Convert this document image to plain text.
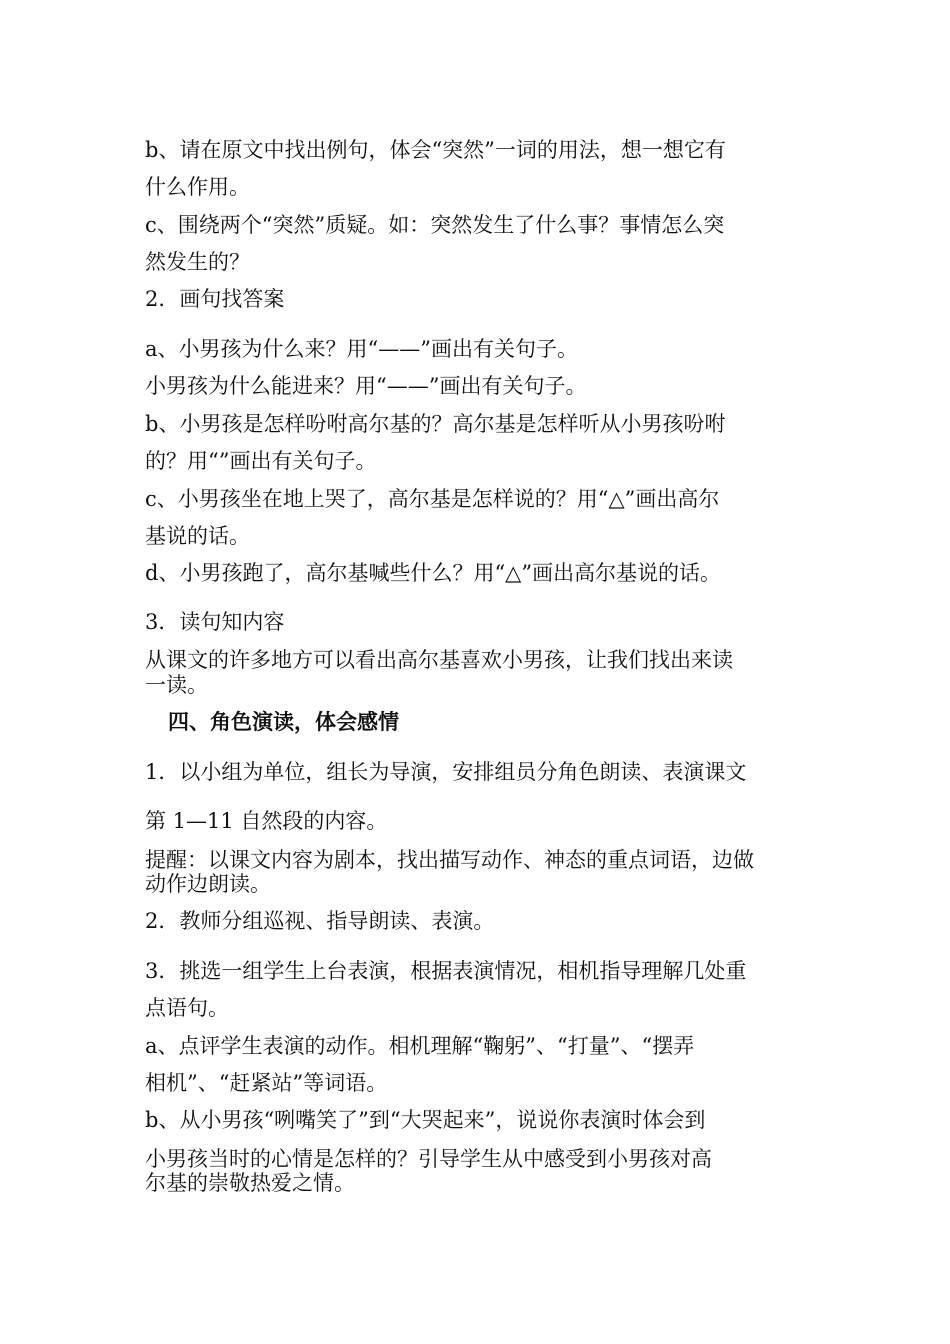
b、请在原文中找出例句，体会“突然”一词的用法，想一想它有
什么作用。
c、围绕两个“突然”质疑。如：突然发生了什么事？事情怎么突
然发生的？
2．画句找答案
a、小男孩为什么来？用“——”画出有关句子。
小男孩为什么能进来？用“——”画出有关句子。
b、小男孩是怎样吩咐高尔基的？高尔基是怎样听从小男孩吩咐
的？用“”画出有关句子。
c、小男孩坐在地上哭了，高尔基是怎样说的？用“△”画出高尔
基说的话。
d、小男孩跑了，高尔基喊些什么？用“△”画出高尔基说的话。
3．读句知内容
从课文的许多地方可以看出高尔基喜欢小男孩，让我们找出来读
一读。
四、角色演读，体会感情
1．以小组为单位，组长为导演，安排组员分角色朗读、表演课文
第 1—11 自然段的内容。
提醒：以课文内容为剧本，找出描写动作、神态的重点词语，边做
动作边朗读。
2．教师分组巡视、指导朗读、表演。
3．挑选一组学生上台表演，根据表演情况，相机指导理解几处重
点语句。
a、点评学生表演的动作。相机理解“鞠躬”、“打量”、“摆弄
相机”、“赶紧站”等词语。
b、从小男孩“咧嘴笑了”到“大哭起来”，说说你表演时体会到
小男孩当时的心情是怎样的？引导学生从中感受到小男孩对高
尔基的崇敬热爱之情。
